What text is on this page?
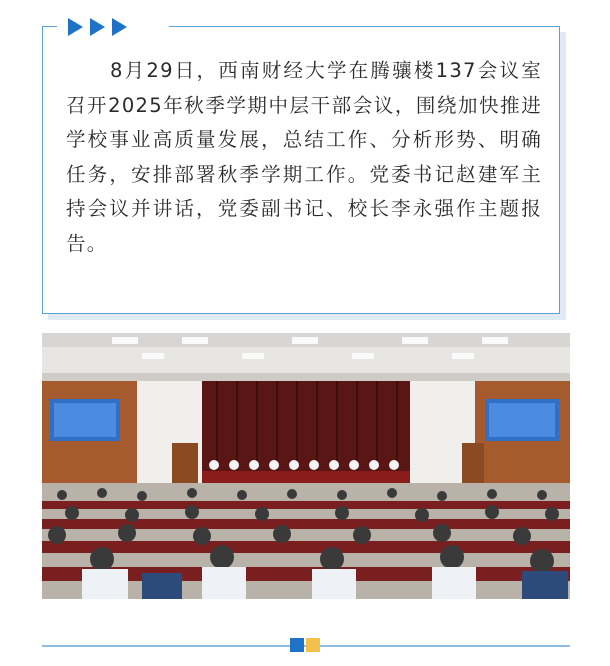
8月29日，西南财经大学在腾骧楼137会议室召开2025年秋季学期中层干部会议，围绕加快推进学校事业高质量发展，总结工作、分析形势、明确任务，安排部署秋季学期工作。党委书记赵建军主持会议并讲话，党委副书记、校长李永强作主题报告。
